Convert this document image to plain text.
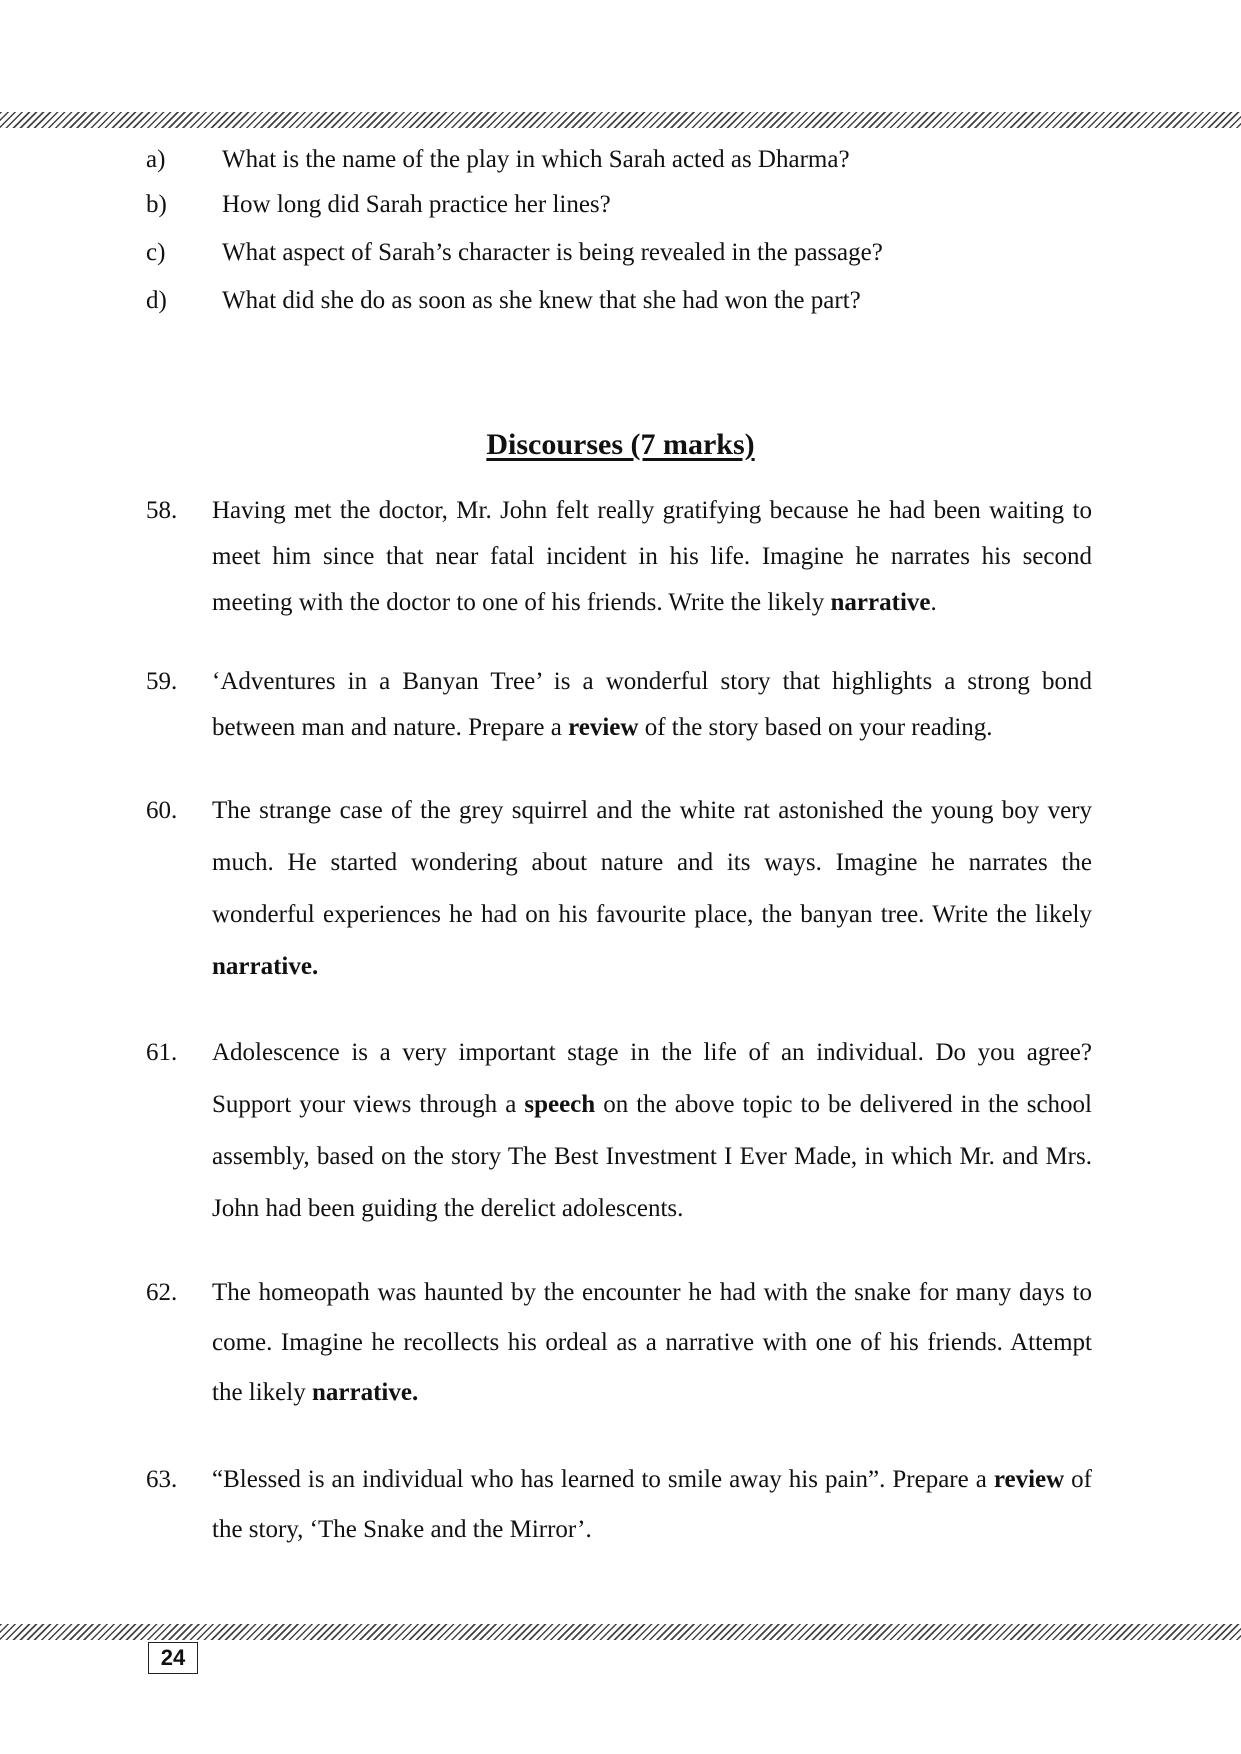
a) What is the name of the play in which Sarah acted as Dharma?
b) How long did Sarah practice her lines?
c) What aspect of Sarah’s character is being revealed in the passage?
d) What did she do as soon as she knew that she had won the part?
Discourses (7 marks)
58. Having met the doctor, Mr. John felt really gratifying because he had been waiting to meet him since that near fatal incident in his life. Imagine he narrates his second meeting with the doctor to one of his friends. Write the likely narrative.
59. ‘Adventures in a Banyan Tree’ is a wonderful story that highlights a strong bond between man and nature. Prepare a review of the story based on your reading.
60. The strange case of the grey squirrel and the white rat astonished the young boy very much. He started wondering about nature and its ways. Imagine he narrates the wonderful experiences he had on his favourite place, the banyan tree. Write the likely narrative.
61. Adolescence is a very important stage in the life of an individual. Do you agree? Support your views through a speech on the above topic to be delivered in the school assembly, based on the story The Best Investment I Ever Made, in which Mr. and Mrs. John had been guiding the derelict adolescents.
62. The homeopath was haunted by the encounter he had with the snake for many days to come. Imagine he recollects his ordeal as a narrative with one of his friends. Attempt the likely narrative.
63. “Blessed is an individual who has learned to smile away his pain”. Prepare a review of the story, ‘The Snake and the Mirror’.
24
